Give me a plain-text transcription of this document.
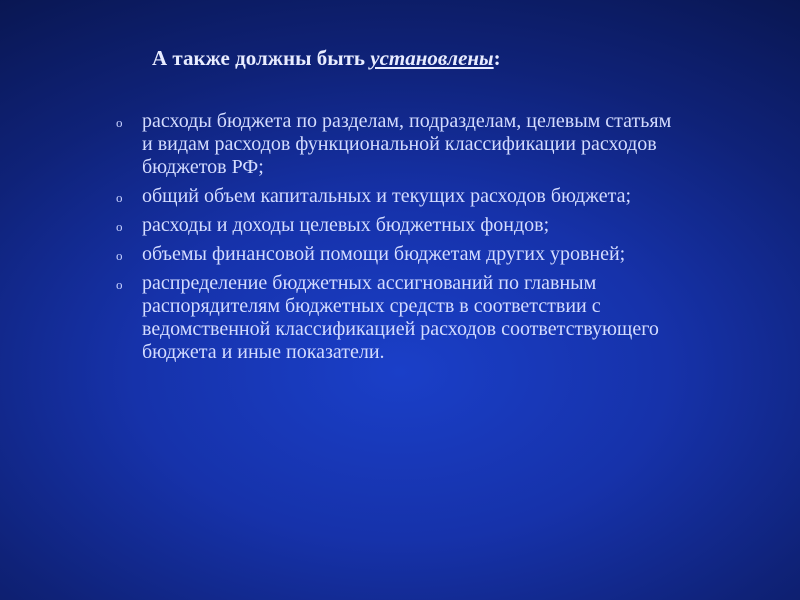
А также должны быть установлены:
o расходы бюджета по разделам, подразделам, целевым статьям и видам расходов функциональной классификации расходов бюджетов РФ;
o общий объем капитальных и текущих расходов бюджета;
o расходы и доходы целевых бюджетных фондов;
o объемы финансовой помощи бюджетам других уровней;
o распределение бюджетных ассигнований по главным распорядителям бюджетных средств в соответствии с ведомственной классификацией расходов соответствующего бюджета и иные показатели.
